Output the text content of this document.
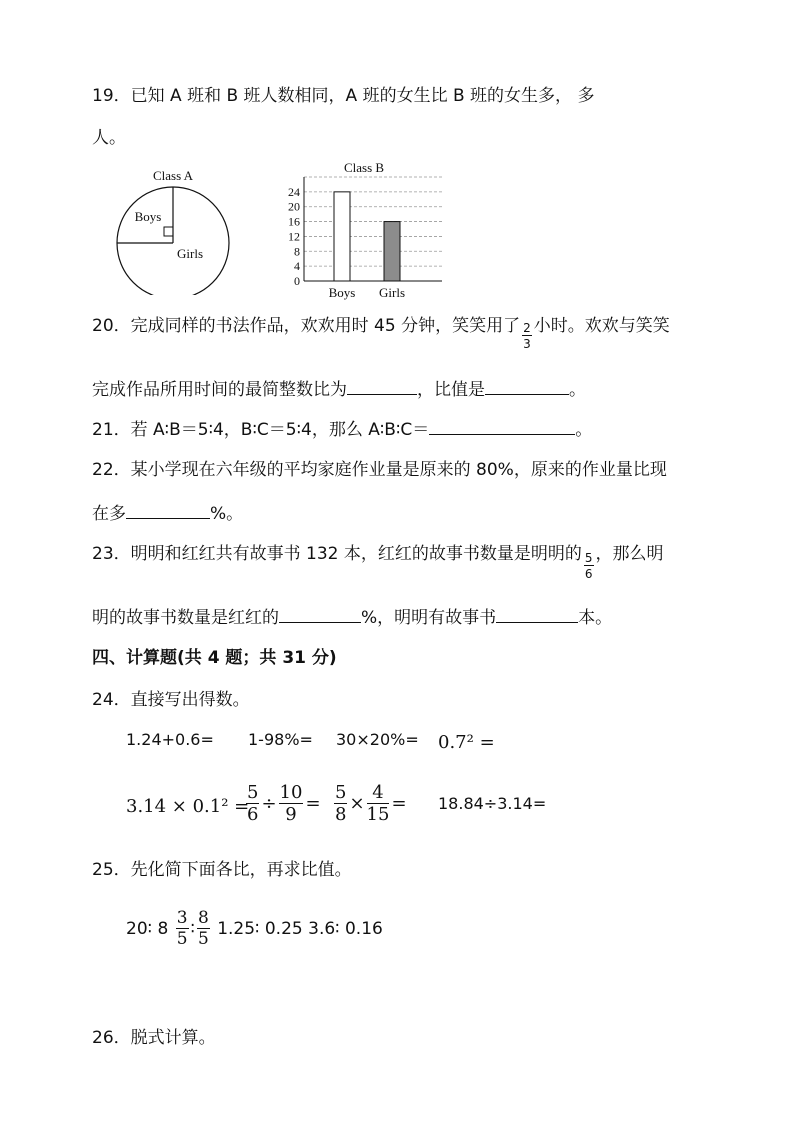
19．已知 A 班和 B 班人数相同，A 班的女生比 B 班的女生多， 多
人。
Class A
Boys
Girls
Class B
0
4
8
12
16
20
24
Boys Girls
20．完成同样的书法作品，欢欢用时 45 分钟，笑笑用了 $\frac{2}{3}$ 小时。欢欢与笑笑
完成作品所用时间的最简整数比为	，比值是	。
21．若 A∶B＝5∶4，B∶C＝5∶4，那么 A∶B∶C＝	。
22．某小学现在六年级的平均家庭作业量是原来的 80%，原来的作业量比现
在多	%。
23．明明和红红共有故事书 132 本，红红的故事书数量是明明的 $\frac{5}{6}$ ，那么明
明的故事书数量是红红的	%，明明有故事书	本。
四、计算题(共 4 题；共 31 分)
24．直接写出得数。
1.24+0.6= 1-98%= 30×20%= 0.7² =
3.14 × 0.1² =
$\frac{5}{6} \div \frac{10}{9} = \frac{5}{8} \times \frac{4}{15} = 18.84\div 3.14=$
25．先化简下面各比，再求比值。
20∶ $8 \frac{3}{5}$ ∶ $\frac{8}{5}$ 1.25∶ 0.25 3.6∶ 0.16
26．脱式计算。
